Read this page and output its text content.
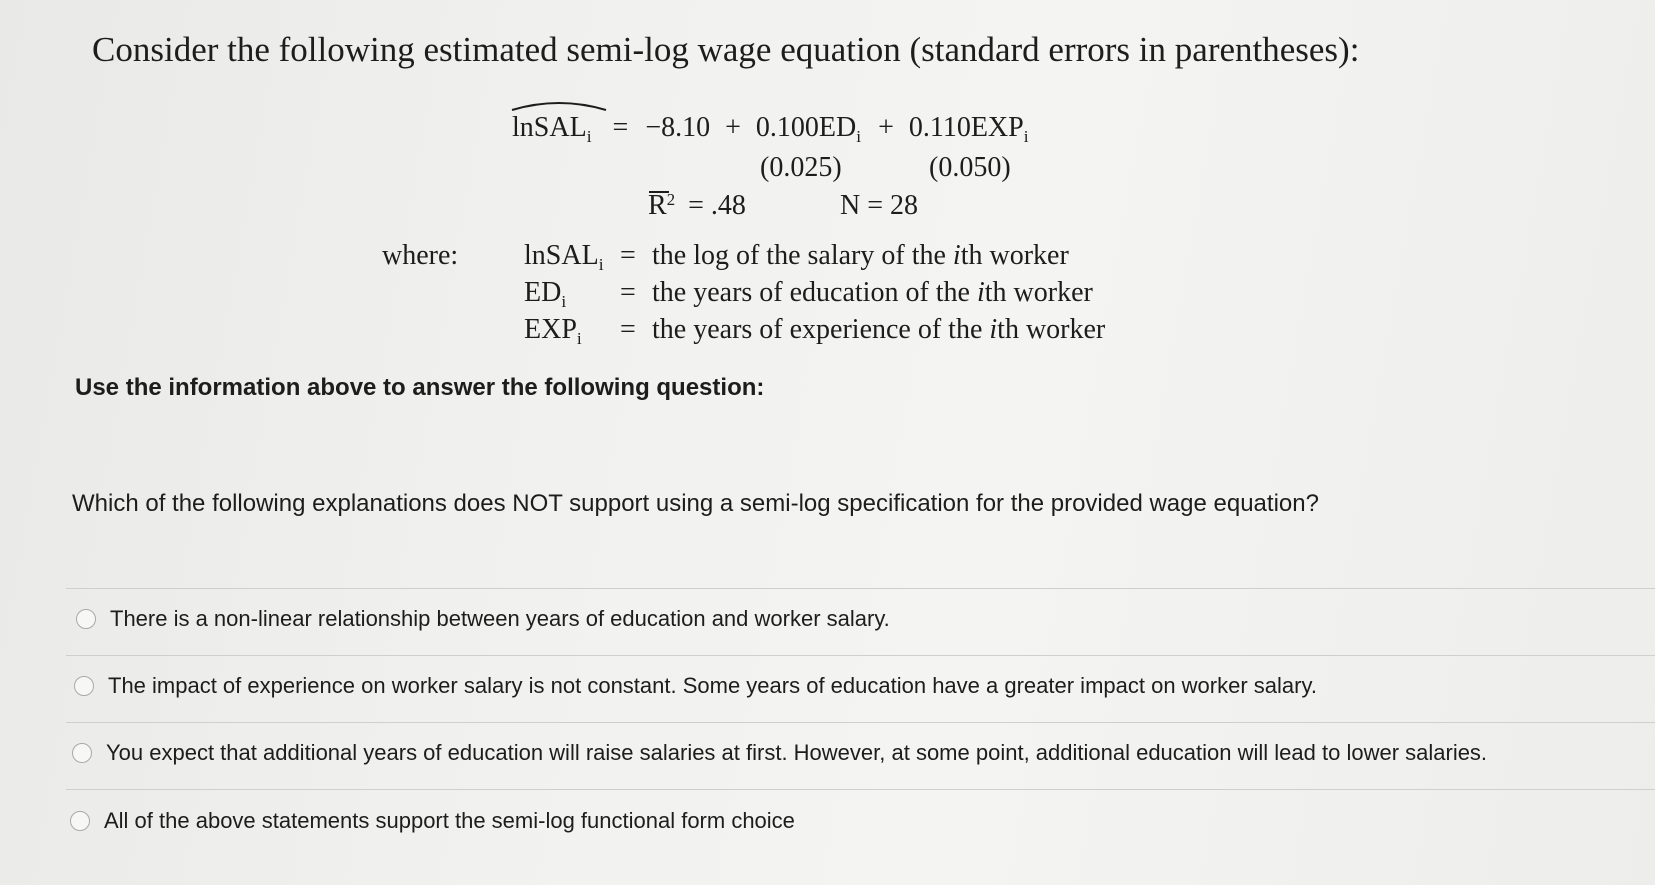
Consider the following estimated semi-log wage equation (standard errors in parentheses):
lnSAL$_i$ = $-8.10 + 0.100ED_i + 0.110EXP_i$
(0.025)	(0.050)
$R^2 = .48$	N = 28
where: lnSAL$_i$ = the log of the salary of the ith worker
$ED_i$ = the years of education of the ith worker
$EXP_i$ = the years of experience of the ith worker
Use the information above to answer the following question:
Which of the following explanations does NOT support using a semi-log specification for the provided wage equation?
There is a non-linear relationship between years of education and worker salary.
The impact of experience on worker salary is not constant. Some years of education have a greater impact on worker salary.
You expect that additional years of education will raise salaries at first. However, at some point, additional education will lead to lower salaries.
All of the above statements support the semi-log functional form choice
